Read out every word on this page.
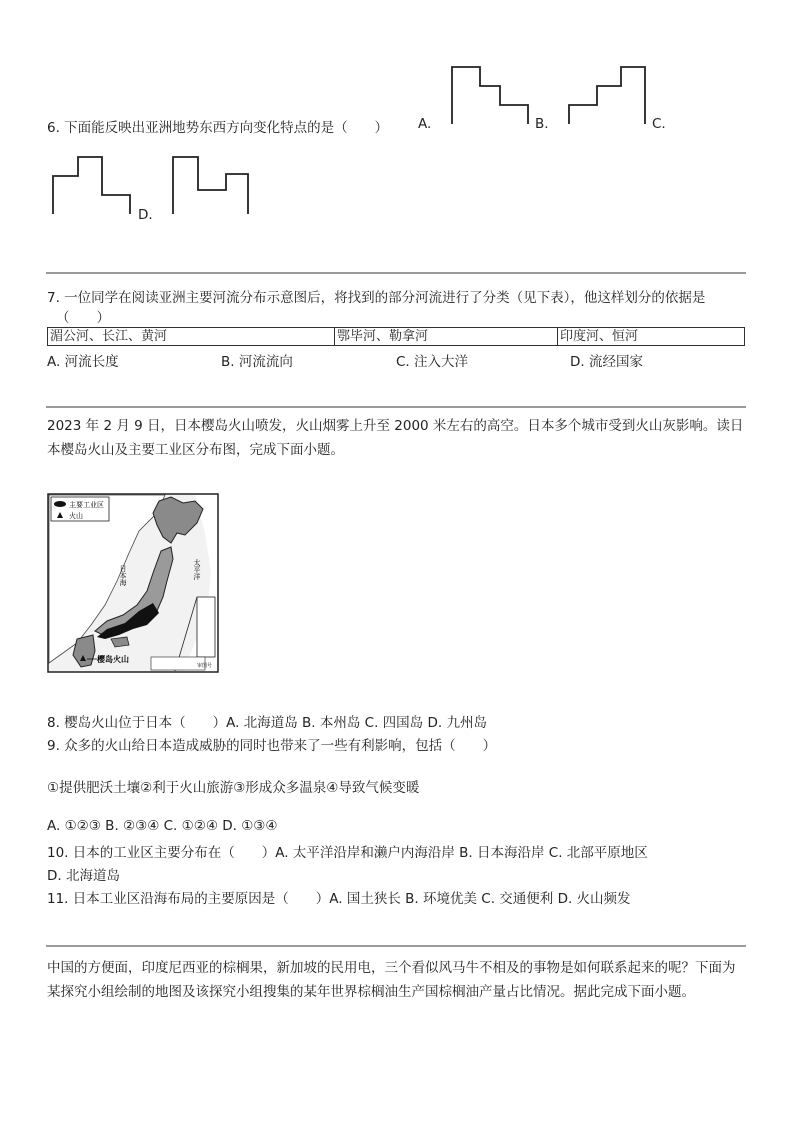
6. 下面能反映出亚洲地势东西方向变化特点的是（　　） A.	B.	C.
D.
7. 一位同学在阅读亚洲主要河流分布示意图后，将找到的部分河流进行了分类（见下表），他这样划分的依据是
（　　）
湄公河、长江、黄河	鄂毕河、勒拿河	印度河、恒河
A. 河流长度	B. 河流流向	C. 注入大洋	D. 流经国家
2023 年 2 月 9 日，日本樱岛火山喷发，火山烟雾上升至 2000 米左右的高空。日本多个城市受到火山灰影响。读日本樱岛火山及主要工业区分布图，完成下面小题。
主要工业区
火山
樱岛火山
日本海	太平洋
审图号
8. 樱岛火山位于日本（　　）A. 北海道岛 B. 本州岛 C. 四国岛 D. 九州岛
9. 众多的火山给日本造成威胁的同时也带来了一些有利影响，包括（　　）
①提供肥沃土壤②利于火山旅游③形成众多温泉④导致气候变暖
A. ①②③ B. ②③④ C. ①②④ D. ①③④
10. 日本的工业区主要分布在（　　）A. 太平洋沿岸和濑户内海沿岸 B. 日本海沿岸 C. 北部平原地区
D. 北海道岛
11. 日本工业区沿海布局的主要原因是（　　）A. 国土狭长 B. 环境优美 C. 交通便利 D. 火山频发
中国的方便面，印度尼西亚的棕榈果，新加坡的民用电，三个看似风马牛不相及的事物是如何联系起来的呢？下面为某探究小组绘制的地图及该探究小组搜集的某年世界棕榈油生产国棕榈油产量占比情况。据此完成下面小题。
